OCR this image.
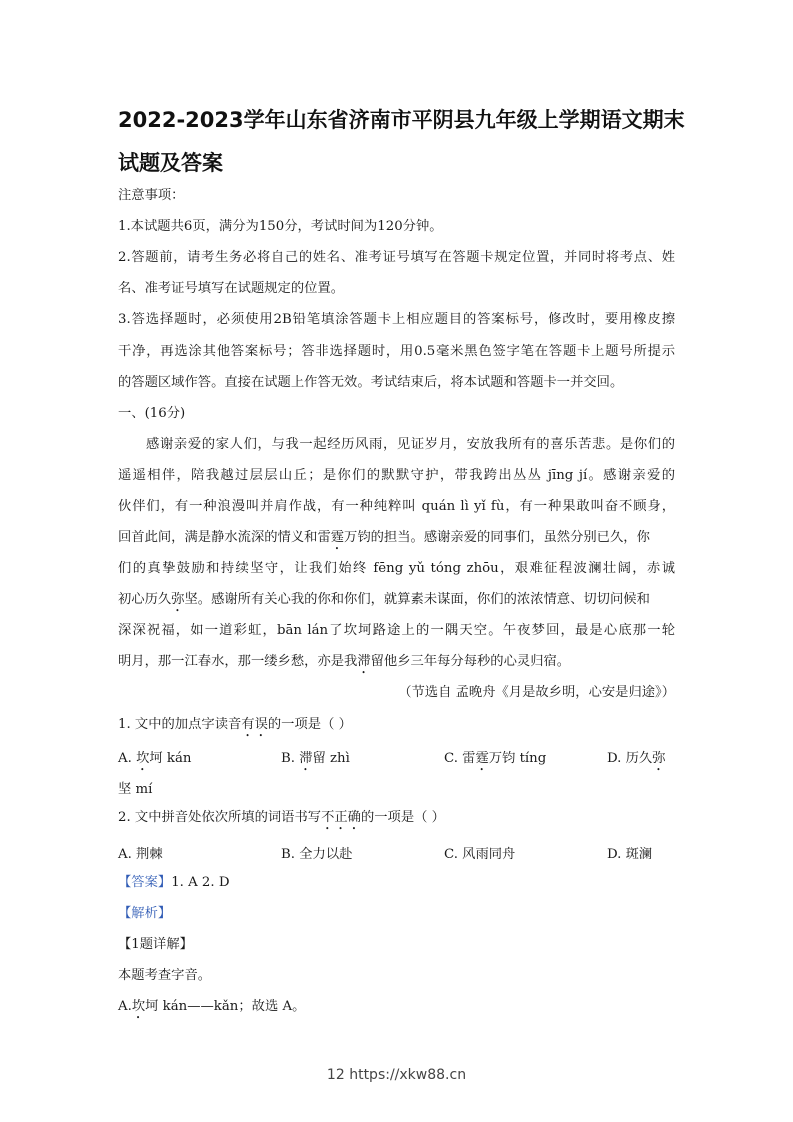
2022-2023学年山东省济南市平阴县九年级上学期语文期末
试题及答案
注意事项：
1.本试题共6页，满分为150分，考试时间为120分钟。
2.答题前，请考生务必将自己的姓名、准考证号填写在答题卡规定位置，并同时将考点、姓
名、准考证号填写在试题规定的位置。
3.答选择题时，必须使用2B铅笔填涂答题卡上相应题目的答案标号，修改时，要用橡皮擦
干净，再选涂其他答案标号；答非选择题时，用0.5毫米黑色签字笔在答题卡上题号所提示
的答题区域作答。直接在试题上作答无效。考试结束后，将本试题和答题卡一并交回。
一、(16分)
感谢亲爱的家人们，与我一起经历风雨，见证岁月，安放我所有的喜乐苦悲。是你们的
遥遥相伴，陪我越过层层山丘；是你们的默默守护，带我跨出丛丛 jīng jí。感谢亲爱的
伙伴们，有一种浪漫叫并肩作战，有一种纯粹叫 quán lì yǐ fù，有一种果敢叫奋不顾身，
回首此间，满是静水流深的情义和雷霆万钧的担当。感谢亲爱的同事们，虽然分别已久，你
们的真挚鼓励和持续坚守，让我们始终 fēng yǔ tóng zhōu，艰难征程波澜壮阔，赤诚
初心历久弥坚。感谢所有关心我的你和你们，就算素未谋面，你们的浓浓情意、切切问候和
深深祝福，如一道彩虹，bān lán了坎坷路途上的一隅天空。午夜梦回，最是心底那一轮
明月，那一江春水，那一缕乡愁，亦是我滞留他乡三年每分每秒的心灵归宿。
（节选自 孟晚舟《月是故乡明，心安是归途》）
1. 文中的加点字读音有误的一项是（ ）
A. 坎坷 kán	B. 滞留 zhì	C. 雷霆万钧 tíng	D. 历久弥
坚 mí
2. 文中拼音处依次所填的词语书写不正确的一项是（ ）
A. 荆棘	B. 全力以赴	C. 风雨同舟	D. 斑澜
【答案】1. A 2. D
【解析】
【1题详解】
本题考查字音。
A.坎坷 kán——kǎn；故选 A。
12 https://xkw88.cn
